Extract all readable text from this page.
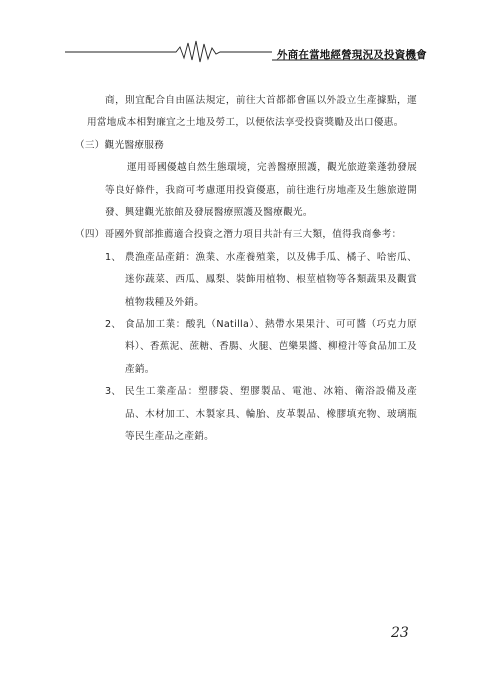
外商在當地經營現況及投資機會

商，則宜配合自由區法規定，前往大首都都會區以外設立生產據點，運用當地成本相對廉宜之土地及勞工，以便依法享受投資獎勵及出口優惠。

（三）觀光醫療服務

運用哥國優越自然生態環境，完善醫療照護，觀光旅遊業蓬勃發展等良好條件，我商可考慮運用投資優惠，前往進行房地產及生態旅遊開發、興建觀光旅館及發展醫療照護及醫療觀光。

（四）哥國外貿部推薦適合投資之潛力項目共計有三大類，值得我商參考：

1、 農漁產品產銷：漁業、水產養殖業，以及佛手瓜、橘子、哈密瓜、迷你蔬菜、西瓜、鳳梨、裝飾用植物、根莖植物等各類蔬果及觀賞植物栽種及外銷。
2、 食品加工業：酸乳（Natilla）、熱帶水果果汁、可可醬（巧克力原料）、香蕉泥、蔗糖、香腸、火腿、芭樂果醬、柳橙汁等食品加工及產銷。
3、 民生工業產品：塑膠袋、塑膠製品、電池、冰箱、衛浴設備及產品、木材加工、木製家具、輪胎、皮革製品、橡膠填充物、玻璃瓶等民生產品之產銷。
23
